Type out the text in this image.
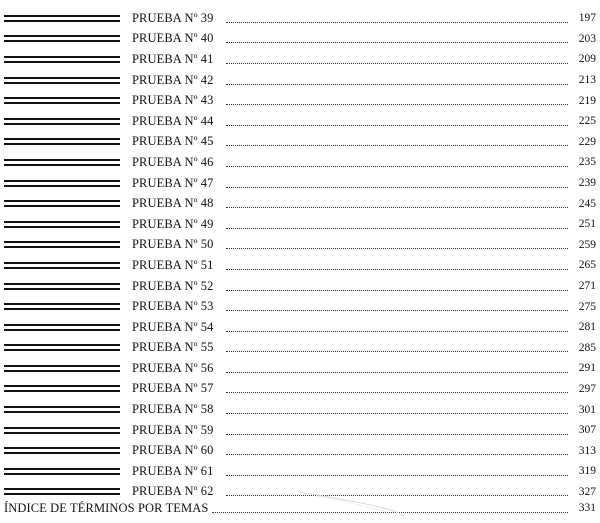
PRUEBA Nº 39	197
PRUEBA Nº 40	203
PRUEBA Nº 41	209
PRUEBA Nº 42	213
PRUEBA Nº 43	219
PRUEBA Nº 44	225
PRUEBA Nº 45	229
PRUEBA Nº 46	235
PRUEBA Nº 47	239
PRUEBA Nº 48	245
PRUEBA Nº 49	251
PRUEBA Nº 50	259
PRUEBA Nº 51	265
PRUEBA Nº 52	271
PRUEBA Nº 53	275
PRUEBA Nº 54	281
PRUEBA Nº 55	285
PRUEBA Nº 56	291
PRUEBA Nº 57	297
PRUEBA Nº 58	301
PRUEBA Nº 59	307
PRUEBA Nº 60	313
PRUEBA Nº 61	319
PRUEBA Nº 62	327
ÍNDICE DE TÉRMINOS POR TEMAS	331
